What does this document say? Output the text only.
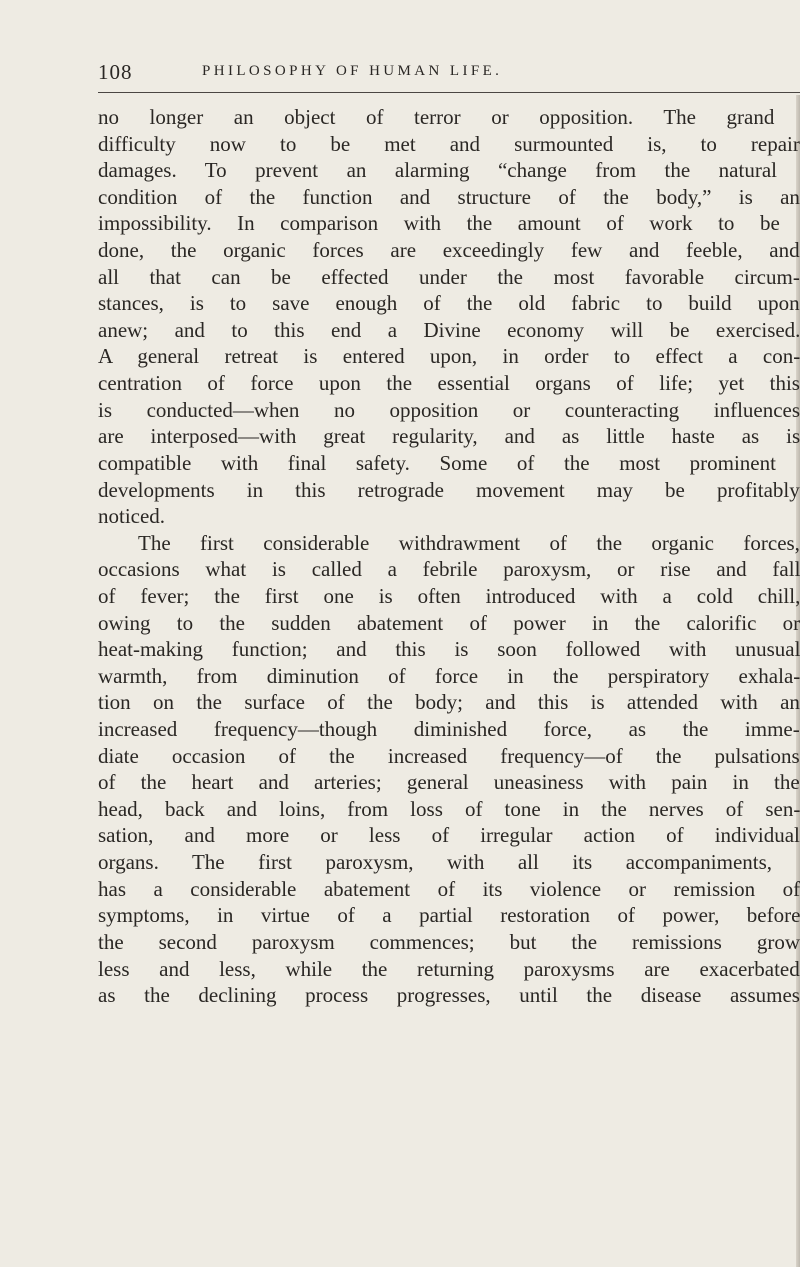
108	PHILOSOPHY OF HUMAN LIFE.
no longer an object of terror or opposition. The grand
difficulty now to be met and surmounted is, to repair
damages. To prevent an alarming “change from the natural
condition of the function and structure of the body,” is an
impossibility. In comparison with the amount of work to be
done, the organic forces are exceedingly few and feeble, and
all that can be effected under the most favorable circum-
stances, is to save enough of the old fabric to build upon
anew; and to this end a Divine economy will be exercised.
A general retreat is entered upon, in order to effect a con-
centration of force upon the essential organs of life; yet this
is conducted—when no opposition or counteracting influences
are interposed—with great regularity, and as little haste as is
compatible with final safety. Some of the most prominent
developments in this retrograde movement may be profitably
noticed.
The first considerable withdrawment of the organic forces,
occasions what is called a febrile paroxysm, or rise and fall
of fever; the first one is often introduced with a cold chill,
owing to the sudden abatement of power in the calorific or
heat-making function; and this is soon followed with unusual
warmth, from diminution of force in the perspiratory exhala-
tion on the surface of the body; and this is attended with an
increased frequency—though diminished force, as the imme-
diate occasion of the increased frequency—of the pulsations
of the heart and arteries; general uneasiness with pain in the
head, back and loins, from loss of tone in the nerves of sen-
sation, and more or less of irregular action of individual
organs. The first paroxysm, with all its accompaniments,
has a considerable abatement of its violence or remission of
symptoms, in virtue of a partial restoration of power, before
the second paroxysm commences; but the remissions grow
less and less, while the returning paroxysms are exacerbated
as the declining process progresses, until the disease assumes
